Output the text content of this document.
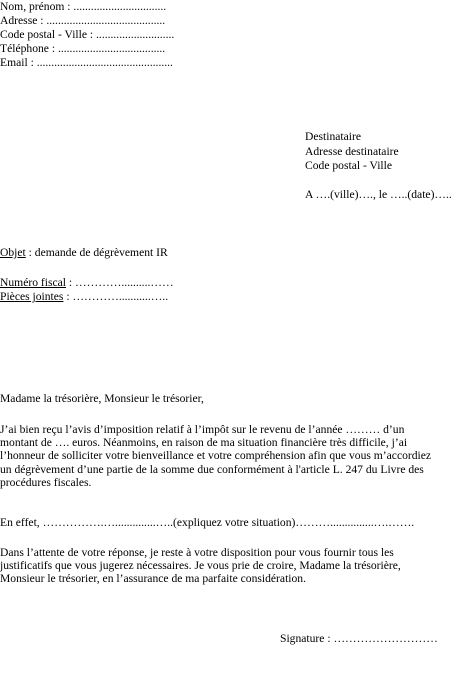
Nom, prénom : ................................
Adresse : .........................................
Code postal - Ville : ...........................
Téléphone : .....................................
Email : ...............................................
Destinataire
Adresse destinataire
Code postal - Ville
A ….(ville)…., le …..(date)…..
Objet : demande de dégrèvement IR
Numéro fiscal : …………..........……
Pièces jointes : …………...........…..
Madame la trésorière, Monsieur le trésorier,
J’ai bien reçu l’avis d’imposition relatif à l’impôt sur le revenu de l’année ……… d’un
montant de …. euros. Néanmoins, en raison de ma situation financière très difficile, j’ai
l’honneur de solliciter votre bienveillance et votre compréhension afin que vous m’accordiez
un dégrèvement d’une partie de la somme due conformément à l'article L. 247 du Livre des
procédures fiscales.
En effet, …………….…..............…..(expliquez votre situation)………...............….…….
Dans l’attente de votre réponse, je reste à votre disposition pour vous fournir tous les
justificatifs que vous jugerez nécessaires. Je vous prie de croire, Madame la trésorière,
Monsieur le trésorier, en l’assurance de ma parfaite considération.
Signature : ………………………
